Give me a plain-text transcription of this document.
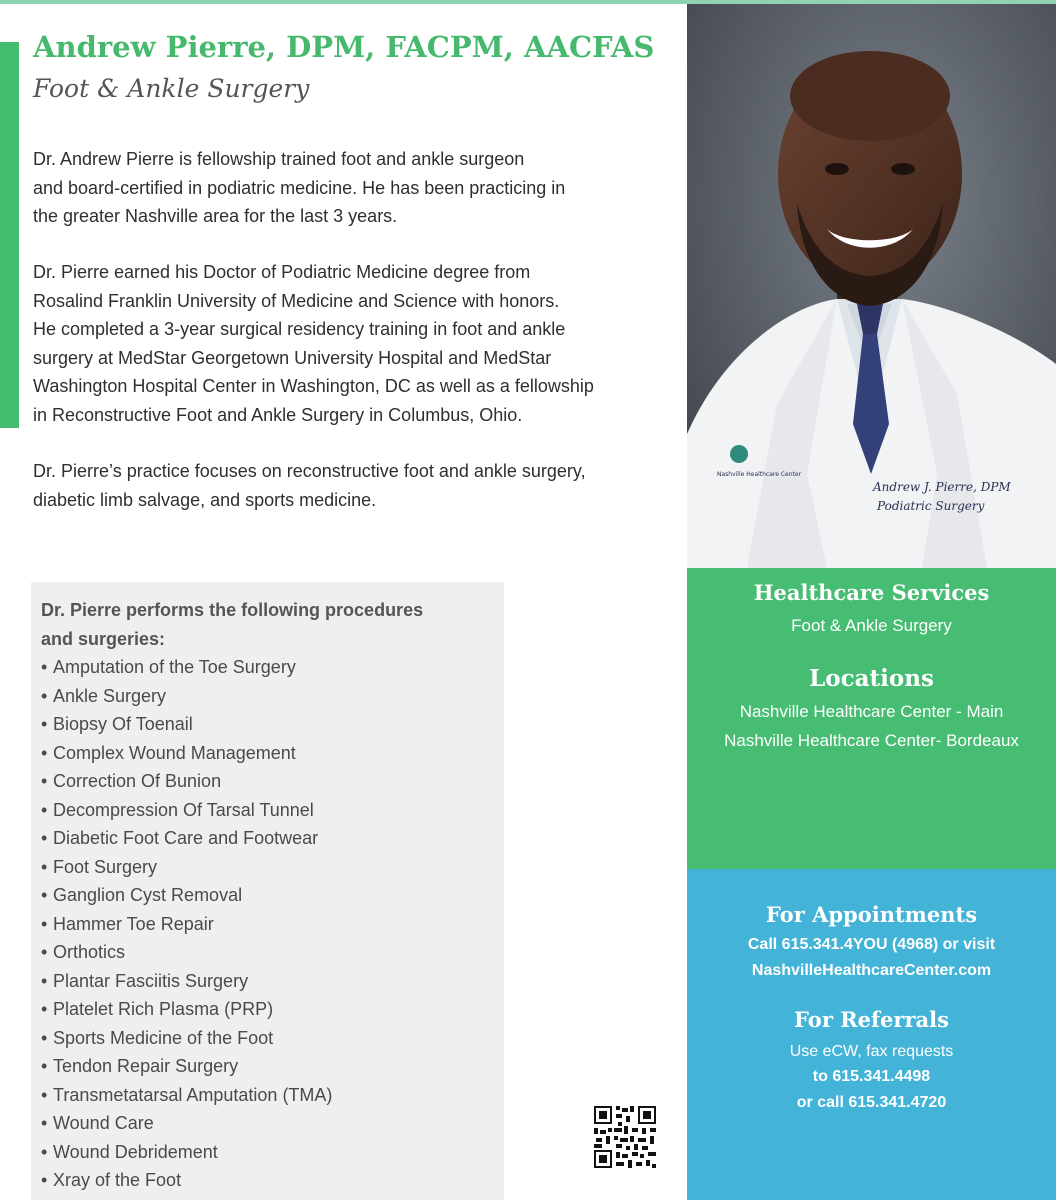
Andrew Pierre, DPM, FACPM, AACFAS
Foot & Ankle Surgery
Dr. Andrew Pierre is fellowship trained foot and ankle surgeon
and board-certified in podiatric medicine. He has been practicing in
the greater Nashville area for the last 3 years.
Dr. Pierre earned his Doctor of Podiatric Medicine degree from
Rosalind Franklin University of Medicine and Science with honors.
He completed a 3-year surgical residency training in foot and ankle
surgery at MedStar Georgetown University Hospital and MedStar
Washington Hospital Center in Washington, DC as well as a fellowship
in Reconstructive Foot and Ankle Surgery in Columbus, Ohio.
Dr. Pierre’s practice focuses on reconstructive foot and ankle surgery,
diabetic limb salvage, and sports medicine.
Dr. Pierre performs the following procedures
and surgeries:
• Amputation of the Toe Surgery
• Ankle Surgery
• Biopsy Of Toenail
• Complex Wound Management
• Correction Of Bunion
• Decompression Of Tarsal Tunnel
• Diabetic Foot Care and Footwear
• Foot Surgery
• Ganglion Cyst Removal
• Hammer Toe Repair
• Orthotics
• Plantar Fasciitis Surgery
• Platelet Rich Plasma (PRP)
• Sports Medicine of the Foot
• Tendon Repair Surgery
• Transmetatarsal Amputation (TMA)
• Wound Care
• Wound Debridement
• Xray of the Foot
Andrew J. Pierre, DPM
Podiatric Surgery
Nashville Healthcare Center
Healthcare Services
Foot & Ankle Surgery
Locations
Nashville Healthcare Center - Main
Nashville Healthcare Center- Bordeaux
For Appointments
Call 615.341.4YOU (4968) or visit
NashvilleHealthcareCenter.com
For Referrals
Use eCW, fax requests
to 615.341.4498
or call 615.341.4720
